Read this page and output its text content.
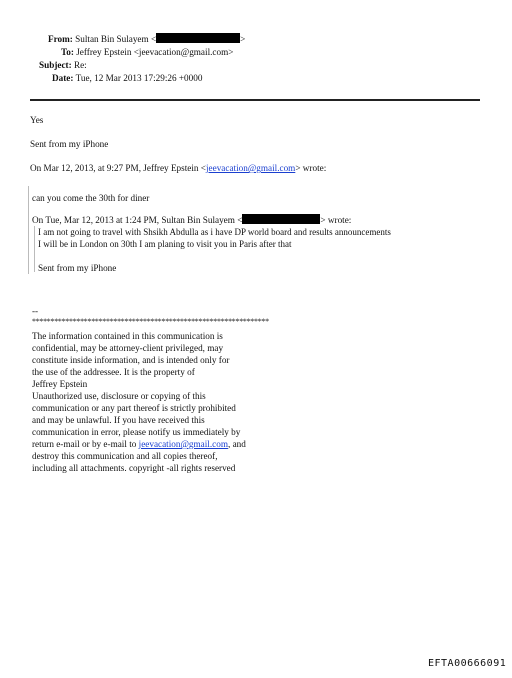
From: Sultan Bin Sulayem <	>
To: Jeffrey Epstein <jeevacation@gmail.com>
Subject: Re:
Date: Tue, 12 Mar 2013 17:29:26 +0000
Yes
Sent from my iPhone
On Mar 12, 2013, at 9:27 PM, Jeffrey Epstein <jeevacation@gmail.com> wrote:
can you come the 30th for diner
On Tue, Mar 12, 2013 at 1:24 PM, Sultan Bin Sulayem <	> wrote:
I am not going to travel with Shsikh Abdulla as i have DP world board and results announcements
I will be in London on 30th I am planing to visit you in Paris after that
Sent from my iPhone
--
****************************************************************
The information contained in this communication is
confidential, may be attorney-client privileged, may
constitute inside information, and is intended only for
the use of the addressee. It is the property of
Jeffrey Epstein
Unauthorized use, disclosure or copying of this
communication or any part thereof is strictly prohibited
and may be unlawful. If you have received this
communication in error, please notify us immediately by
return e-mail or by e-mail to jeevacation@gmail.com, and
destroy this communication and all copies thereof,
including all attachments. copyright -all rights reserved
EFTA00666091
